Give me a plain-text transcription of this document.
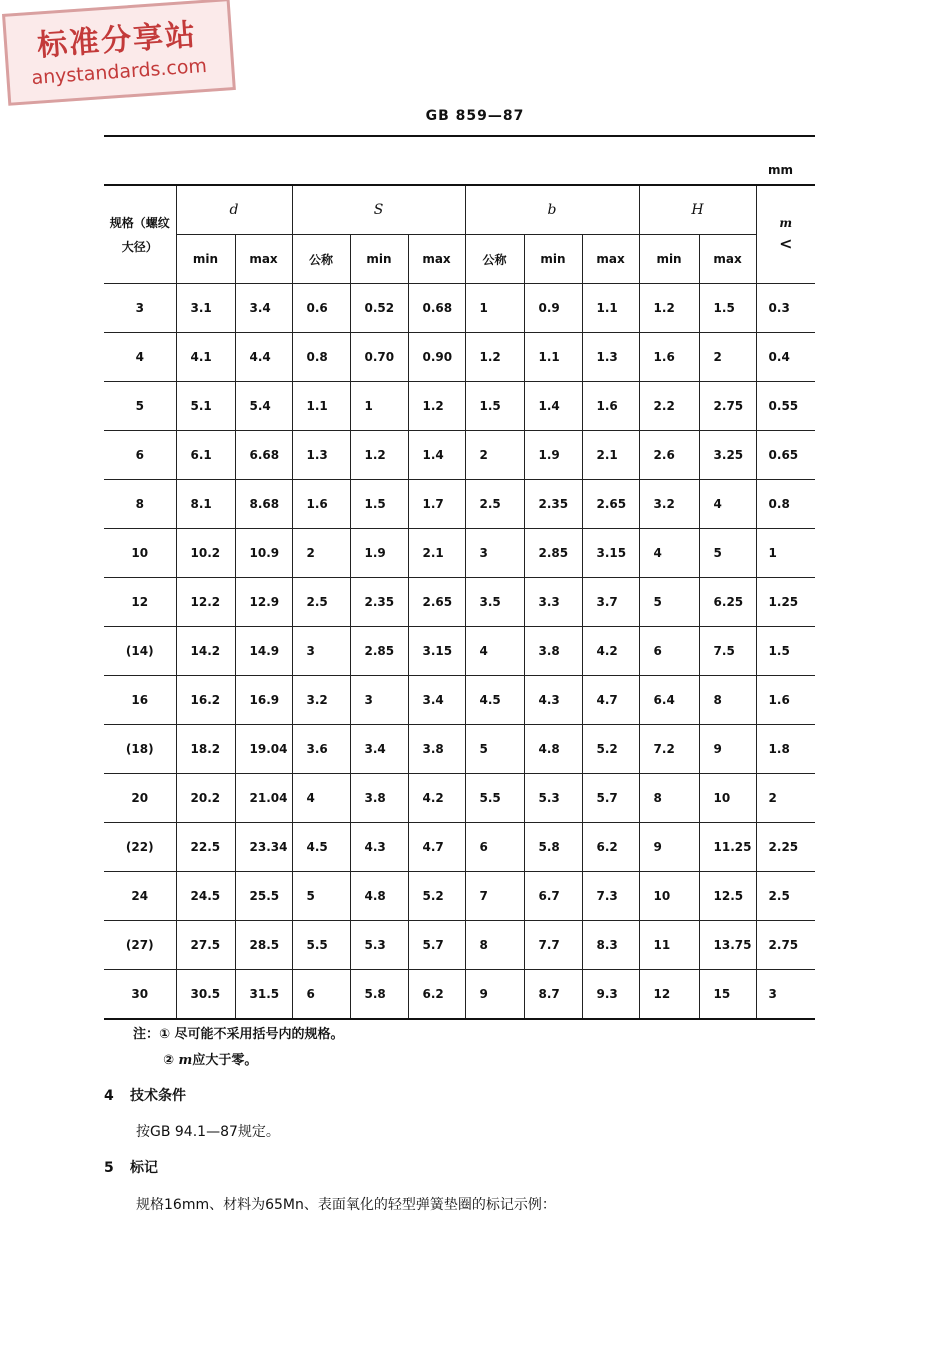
标准分享站
anystandards.com
GB 859—87
mm
规格（螺纹大径）	d		S			b			H		m
<

	min	max	公称	min	max	公称	min	max	min	max	
3	3.1	3.4	0.6	0.52	0.68	1	0.9	1.1	1.2	1.5	0.3
4	4.1	4.4	0.8	0.70	0.90	1.2	1.1	1.3	1.6	2	0.4
5	5.1	5.4	1.1	1	1.2	1.5	1.4	1.6	2.2	2.75	0.55
6	6.1	6.68	1.3	1.2	1.4	2	1.9	2.1	2.6	3.25	0.65
8	8.1	8.68	1.6	1.5	1.7	2.5	2.35	2.65	3.2	4	0.8
10	10.2	10.9	2	1.9	2.1	3	2.85	3.15	4	5	1
12	12.2	12.9	2.5	2.35	2.65	3.5	3.3	3.7	5	6.25	1.25
(14)	14.2	14.9	3	2.85	3.15	4	3.8	4.2	6	7.5	1.5
16	16.2	16.9	3.2	3	3.4	4.5	4.3	4.7	6.4	8	1.6
(18)	18.2	19.04	3.6	3.4	3.8	5	4.8	5.2	7.2	9	1.8
20	20.2	21.04	4	3.8	4.2	5.5	5.3	5.7	8	10	2
(22)	22.5	23.34	4.5	4.3	4.7	6	5.8	6.2	9	11.25	2.25
24	24.5	25.5	5	4.8	5.2	7	6.7	7.3	10	12.5	2.5
(27)	27.5	28.5	5.5	5.3	5.7	8	7.7	8.3	11	13.75	2.75
30	30.5	31.5	6	5.8	6.2	9	8.7	9.3	12	15	3
注：① 尽可能不采用括号内的规格。
② m应大于零。
4 技术条件
按GB 94.1—87规定。
5 标记
规格16mm、材料为65Mn、表面氧化的轻型弹簧垫圈的标记示例：
